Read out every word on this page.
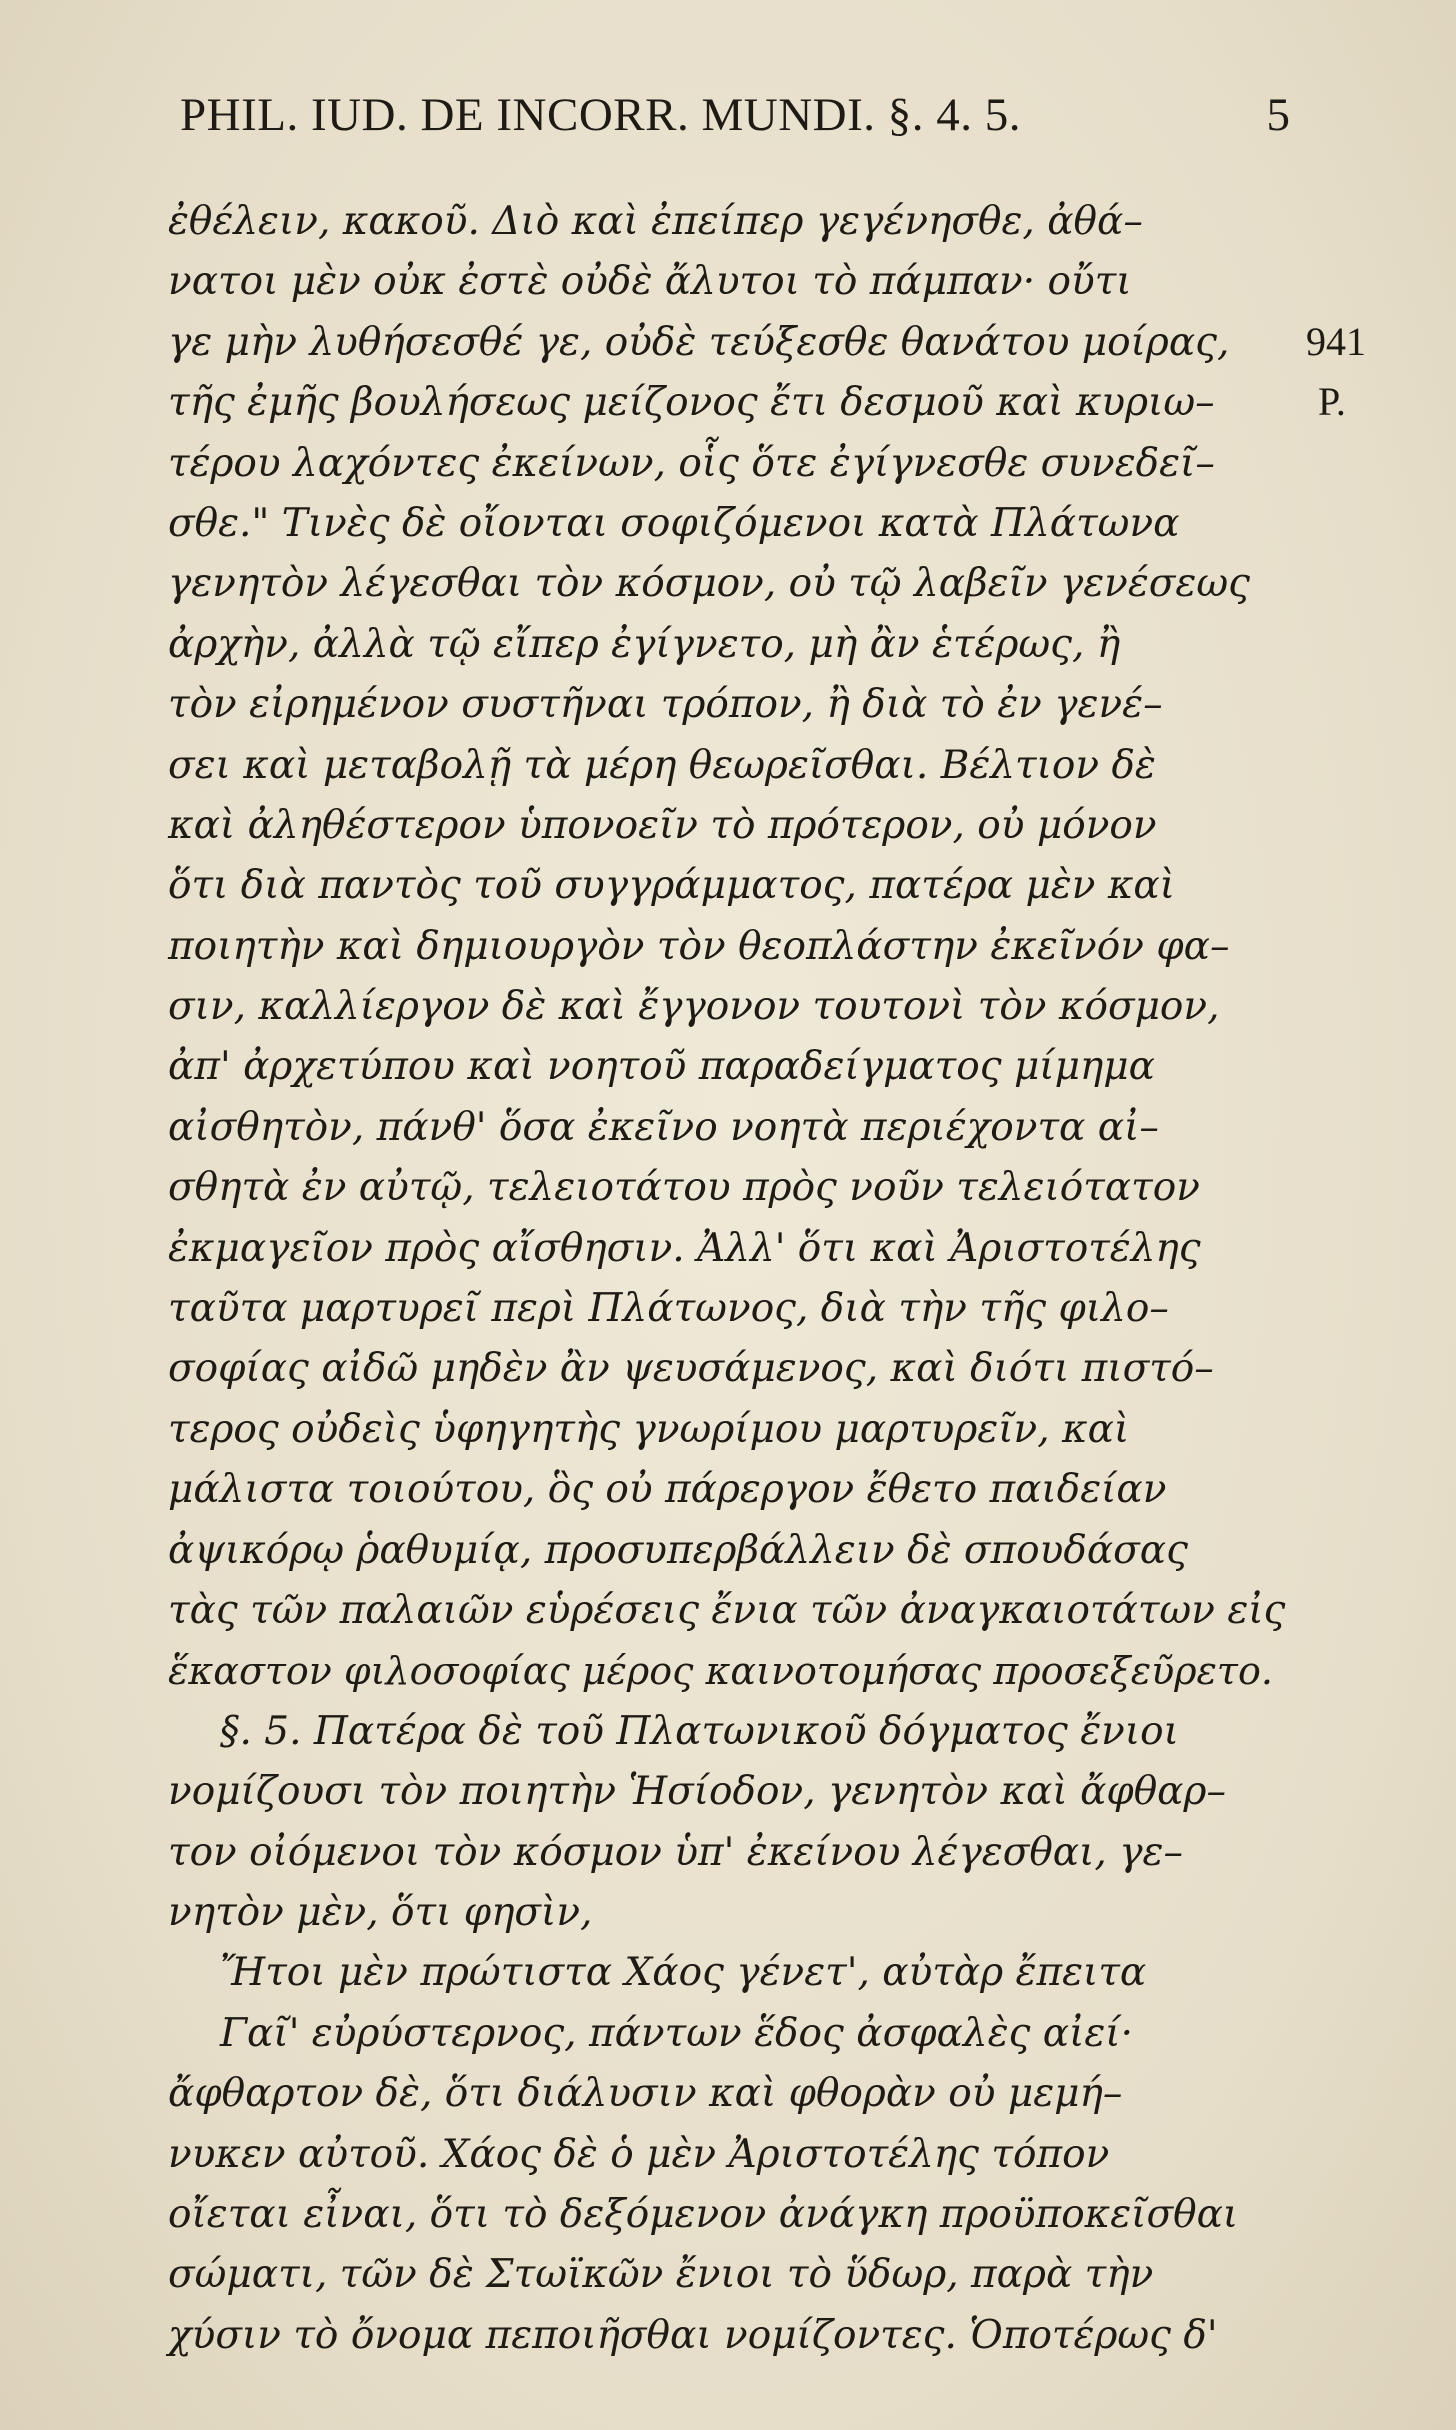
PHIL. IUD. DE INCORR. MUNDI. §. 4. 5.	5
941
P.
ἐθέλειν, κακοῦ. Διὸ καὶ ἐπείπερ γεγένησθε, ἀθά–
νατοι μὲν οὐκ ἐστὲ οὐδὲ ἄλυτοι τὸ πάμπαν· οὔτι
γε μὴν λυθήσεσθέ γε, οὐδὲ τεύξεσθε θανάτου μοίρας,
τῆς ἐμῆς βουλήσεως μείζονος ἔτι δεσμοῦ καὶ κυριω–
τέρου λαχόντες ἐκείνων, οἷς ὅτε ἐγίγνεσθε συνεδεῖ–
σθε." Τινὲς δὲ οἴονται σοφιζόμενοι κατὰ Πλάτωνα
γενητὸν λέγεσθαι τὸν κόσμον, οὐ τῷ λαβεῖν γενέσεως
ἀρχὴν, ἀλλὰ τῷ εἴπερ ἐγίγνετο, μὴ ἂν ἑτέρως, ἢ
τὸν εἰρημένον συστῆναι τρόπον, ἢ διὰ τὸ ἐν γενέ–
σει καὶ μεταβολῇ τὰ μέρη θεωρεῖσθαι. Βέλτιον δὲ
καὶ ἀληθέστερον ὑπονοεῖν τὸ πρότερον, οὐ μόνον
ὅτι διὰ παντὸς τοῦ συγγράμματος, πατέρα μὲν καὶ
ποιητὴν καὶ δημιουργὸν τὸν θεοπλάστην ἐκεῖνόν φα–
σιν, καλλίεργον δὲ καὶ ἔγγονον τουτονὶ τὸν κόσμον,
ἀπ' ἀρχετύπου καὶ νοητοῦ παραδείγματος μίμημα
αἰσθητὸν, πάνθ' ὅσα ἐκεῖνο νοητὰ περιέχοντα αἰ–
σθητὰ ἐν αὐτῷ, τελειοτάτου πρὸς νοῦν τελειότατον
ἐκμαγεῖον πρὸς αἴσθησιν. Ἀλλ' ὅτι καὶ Ἀριστοτέλης
ταῦτα μαρτυρεῖ περὶ Πλάτωνος, διὰ τὴν τῆς φιλο–
σοφίας αἰδῶ μηδὲν ἂν ψευσάμενος, καὶ διότι πιστό–
τερος οὐδεὶς ὑφηγητὴς γνωρίμου μαρτυρεῖν, καὶ
μάλιστα τοιούτου, ὃς οὐ πάρεργον ἔθετο παιδείαν
ἀψικόρῳ ῥαθυμίᾳ, προσυπερβάλλειν δὲ σπουδάσας
τὰς τῶν παλαιῶν εὑρέσεις ἔνια τῶν ἀναγκαιοτάτων εἰς
ἕκαστον φιλοσοφίας μέρος καινοτομήσας προσεξεῦρετο.
§. 5. Πατέρα δὲ τοῦ Πλατωνικοῦ δόγματος ἔνιοι
νομίζουσι τὸν ποιητὴν Ἡσίοδον, γενητὸν καὶ ἄφθαρ–
τον οἰόμενοι τὸν κόσμον ὑπ' ἐκείνου λέγεσθαι, γε–
νητὸν μὲν, ὅτι φησὶν,
Ἤτοι μὲν πρώτιστα Χάος γένετ', αὐτὰρ ἔπειτα
Γαῖ' εὐρύστερνος, πάντων ἕδος ἀσφαλὲς αἰεί·
ἄφθαρτον δὲ, ὅτι διάλυσιν καὶ φθορὰν οὐ μεμή–
νυκεν αὐτοῦ. Χάος δὲ ὁ μὲν Ἀριστοτέλης τόπον
οἴεται εἶναι, ὅτι τὸ δεξόμενον ἀνάγκη προϋποκεῖσθαι
σώματι, τῶν δὲ Στωϊκῶν ἔνιοι τὸ ὕδωρ, παρὰ τὴν
χύσιν τὸ ὄνομα πεποιῆσθαι νομίζοντες. Ὁποτέρως δ'
